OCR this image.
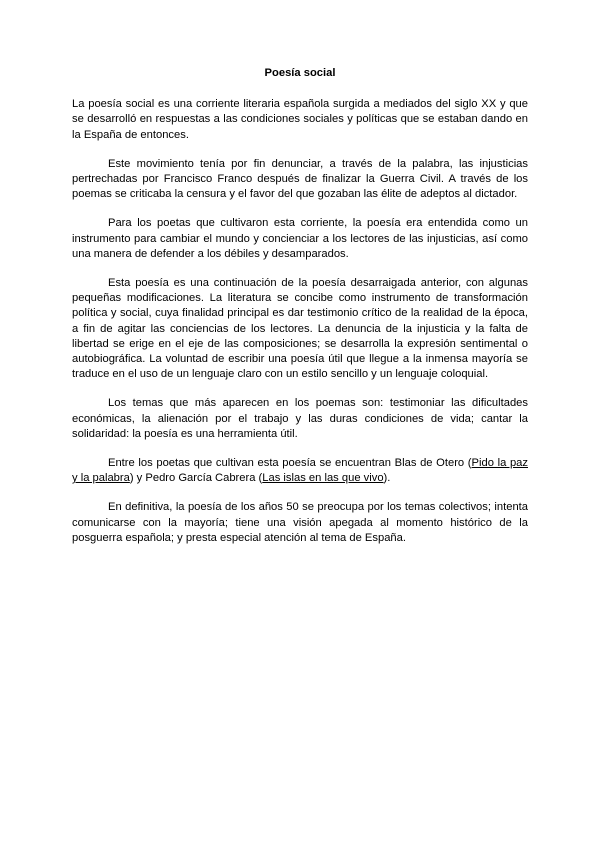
Poesía social

La poesía social es una corriente literaria española surgida a mediados del siglo XX y que se desarrolló en respuestas a las condiciones sociales y políticas que se estaban dando en la España de entonces.

Este movimiento tenía por fin denunciar, a través de la palabra, las injusticias pertrechadas por Francisco Franco después de finalizar la Guerra Civil. A través de los poemas se criticaba la censura y el favor del que gozaban las élite de adeptos al dictador.

Para los poetas que cultivaron esta corriente, la poesía era entendida como un instrumento para cambiar el mundo y concienciar a los lectores de las injusticias, así como una manera de defender a los débiles y desamparados.

Esta poesía es una continuación de la poesía desarraigada anterior, con algunas pequeñas modificaciones. La literatura se concibe como instrumento de transformación política y social, cuya finalidad principal es dar testimonio crítico de la realidad de la época, a fin de agitar las conciencias de los lectores. La denuncia de la injusticia y la falta de libertad se erige en el eje de las composiciones; se desarrolla la expresión sentimental o autobiográfica. La voluntad de escribir una poesía útil que llegue a la inmensa mayoría se traduce en el uso de un lenguaje claro con un estilo sencillo y un lenguaje coloquial.

Los temas que más aparecen en los poemas son: testimoniar las dificultades económicas, la alienación por el trabajo y las duras condiciones de vida; cantar la solidaridad: la poesía es una herramienta útil.

Entre los poetas que cultivan esta poesía se encuentran Blas de Otero (Pido la paz y la palabra) y Pedro García Cabrera (Las islas en las que vivo).

En definitiva, la poesía de los años 50 se preocupa por los temas colectivos; intenta comunicarse con la mayoría; tiene una visión apegada al momento histórico de la posguerra española; y presta especial atención al tema de España.
